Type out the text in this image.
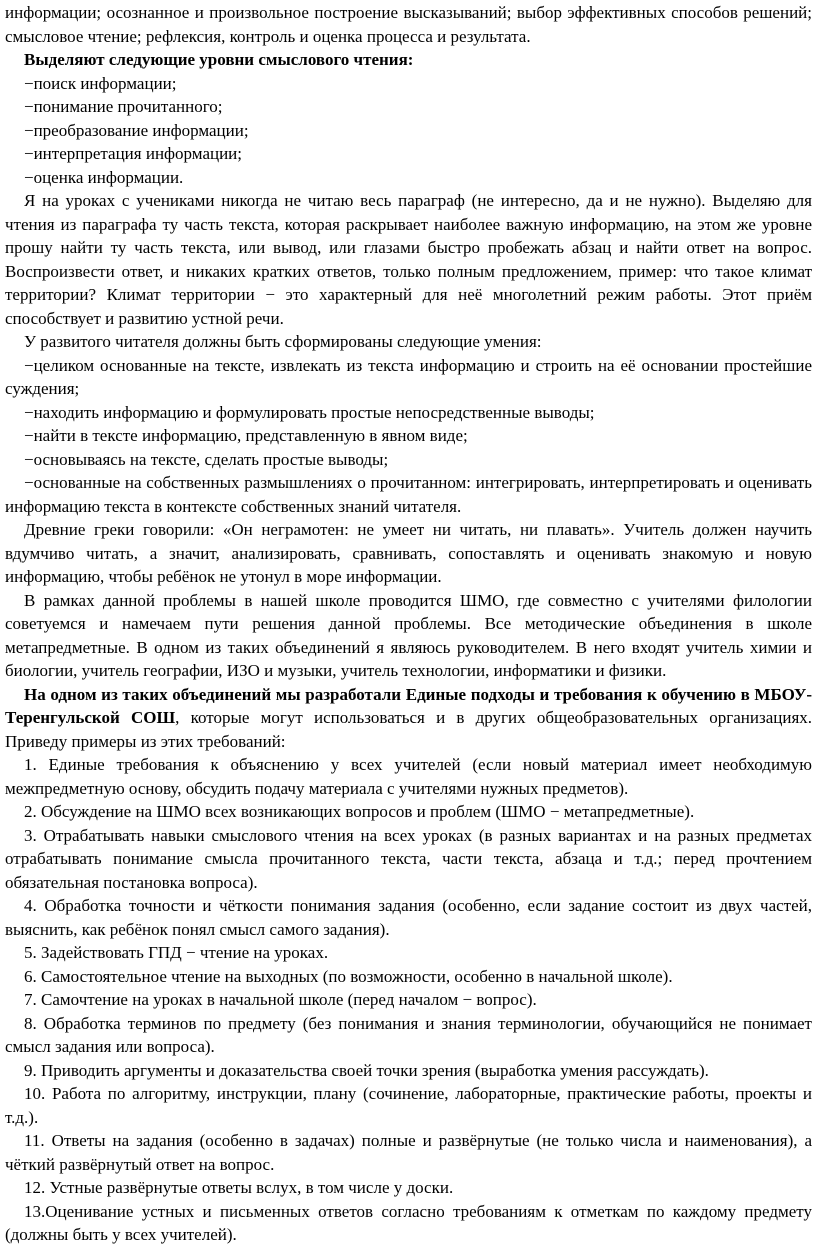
информации; осознанное и произвольное построение высказываний; выбор эффективных способов решений; смысловое чтение; рефлексия, контроль и оценка процесса и результата.

Выделяют следующие уровни смыслового чтения:

−поиск информации;

−понимание прочитанного;

−преобразование информации;

−интерпретация информации;

−оценка информации.

Я на уроках с учениками никогда не читаю весь параграф (не интересно, да и не нужно). Выделяю для чтения из параграфа ту часть текста, которая раскрывает наиболее важную информацию, на этом же уровне прошу найти ту часть текста, или вывод, или глазами быстро пробежать абзац и найти ответ на вопрос. Воспроизвести ответ, и никаких кратких ответов, только полным предложением, пример: что такое климат территории? Климат территории − это характерный для неё многолетний режим работы. Этот приём способствует и развитию устной речи.

У развитого читателя должны быть сформированы следующие умения:

−целиком основанные на тексте, извлекать из текста информацию и строить на её основании простейшие суждения;

−находить информацию и формулировать простые непосредственные выводы;

−найти в тексте информацию, представленную в явном виде;

−основываясь на тексте, сделать простые выводы;

−основанные на собственных размышлениях о прочитанном: интегрировать, интерпретировать и оценивать информацию текста в контексте собственных знаний читателя.

Древние греки говорили: «Он неграмотен: не умеет ни читать, ни плавать». Учитель должен научить вдумчиво читать, а значит, анализировать, сравнивать, сопоставлять и оценивать знакомую и новую информацию, чтобы ребёнок не утонул в море информации.

В рамках данной проблемы в нашей школе проводится ШМО, где совместно с учителями филологии советуемся и намечаем пути решения данной проблемы. Все методические объединения в школе метапредметные. В одном из таких объединений я являюсь руководителем. В него входят учитель химии и биологии, учитель географии, ИЗО и музыки, учитель технологии, информатики и физики.

На одном из таких объединений мы разработали Единые подходы и требования к обучению в МБОУ-Теренгульской СОШ, которые могут использоваться и в других общеобразовательных организациях. Приведу примеры из этих требований:

1. Единые требования к объяснению у всех учителей (если новый материал имеет необходимую межпредметную основу, обсудить подачу материала с учителями нужных предметов).

2. Обсуждение на ШМО всех возникающих вопросов и проблем (ШМО − метапредметные).

3. Отрабатывать навыки смыслового чтения на всех уроках (в разных вариантах и на разных предметах отрабатывать понимание смысла прочитанного текста, части текста, абзаца и т.д.; перед прочтением обязательная постановка вопроса).

4. Обработка точности и чёткости понимания задания (особенно, если задание состоит из двух частей, выяснить, как ребёнок понял смысл самого задания).

5. Задействовать ГПД − чтение на уроках.

6. Самостоятельное чтение на выходных (по возможности, особенно в начальной школе).

7. Самочтение на уроках в начальной школе (перед началом − вопрос).

8. Обработка терминов по предмету (без понимания и знания терминологии, обучающийся не понимает смысл задания или вопроса).

9. Приводить аргументы и доказательства своей точки зрения (выработка умения рассуждать).

10. Работа по алгоритму, инструкции, плану (сочинение, лабораторные, практические работы, проекты и т.д.).

11. Ответы на задания (особенно в задачах) полные и развёрнутые (не только числа и наименования), а чёткий развёрнутый ответ на вопрос.

12. Устные развёрнутые ответы вслух, в том числе у доски.

13.Оценивание устных и письменных ответов согласно требованиям к отметкам по каждому предмету (должны быть у всех учителей).
